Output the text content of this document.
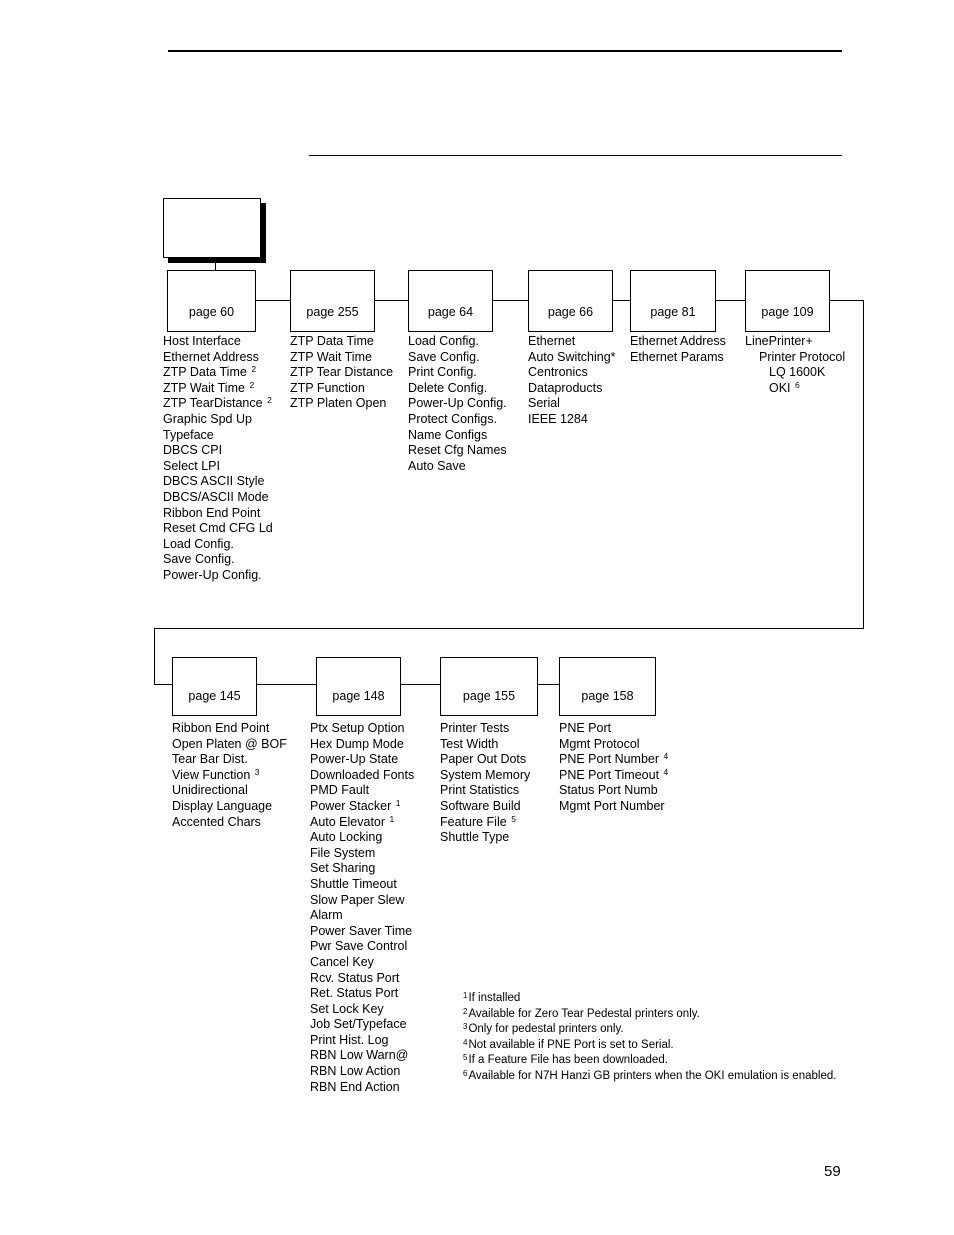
page 60	page 255	page 64	page 66	page 81	page 109
page 145	page 148	page 155	page 158
Host Interface
Ethernet Address
ZTP Data Time $^2$
ZTP Wait Time $^2$
ZTP TearDistance $^2$
Graphic Spd Up
Typeface
DBCS CPI
Select LPI
DBCS ASCII Style
DBCS/ASCII Mode
Ribbon End Point
Reset Cmd CFG Ld
Load Config.
Save Config.
Power-Up Config.
ZTP Data Time
ZTP Wait Time
ZTP Tear Distance
ZTP Function
ZTP Platen Open
Load Config.
Save Config.
Print Config.
Delete Config.
Power-Up Config.
Protect Configs.
Name Configs
Reset Cfg Names
Auto Save
Ethernet
Auto Switching*
Centronics
Dataproducts
Serial
IEEE 1284
Ethernet Address
Ethernet Params
LinePrinter+
Printer Protocol
LQ 1600K
OKI $^6$
Ribbon End Point
Open Platen @ BOF
Tear Bar Dist.
View Function $^3$
Unidirectional
Display Language
Accented Chars
Ptx Setup Option
Hex Dump Mode
Power-Up State
Downloaded Fonts
PMD Fault
Power Stacker $^1$
Auto Elevator $^1$
Auto Locking
File System
Set Sharing
Shuttle Timeout
Slow Paper Slew
Alarm
Power Saver Time
Pwr Save Control
Cancel Key
Rcv. Status Port
Ret. Status Port
Set Lock Key
Job Set/Typeface
Print Hist. Log
RBN Low Warn@
RBN Low Action
RBN End Action
Printer Tests
Test Width
Paper Out Dots
System Memory
Print Statistics
Software Build
Feature File $^5$
Shuttle Type
PNE Port
Mgmt Protocol
PNE Port Number $^4$
PNE Port Timeout $^4$
Status Port Numb
Mgmt Port Number
$^1$If installed
$^2$Available for Zero Tear Pedestal printers only.
$^3$Only for pedestal printers only.
$^4$Not available if PNE Port is set to Serial.
$^5$If a Feature File has been downloaded.
$^6$Available for N7H Hanzi GB printers when the OKI emulation is enabled.
59
